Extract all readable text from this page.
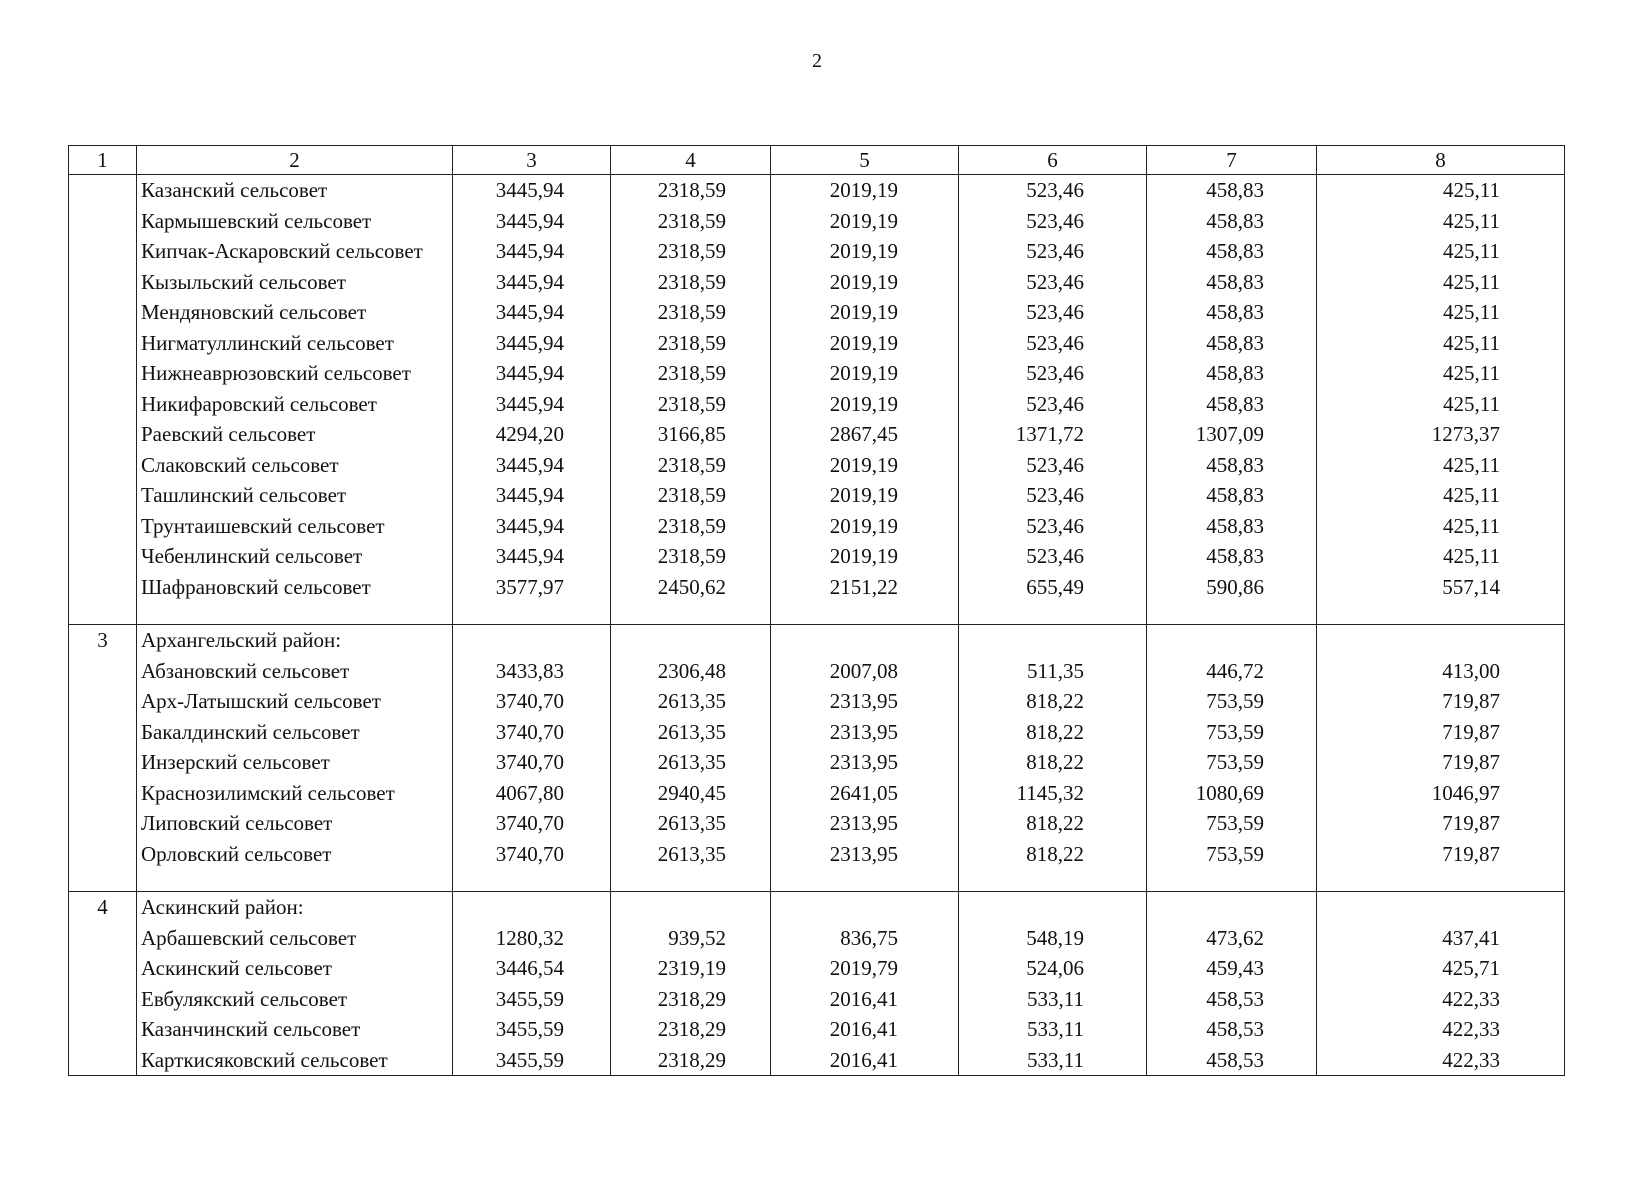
2
1	2	3	4	5	6	7	8
	Казанский сельсовет	3445,94	2318,59	2019,19	523,46	458,83	425,11
	Кармышевский сельсовет	3445,94	2318,59	2019,19	523,46	458,83	425,11
	Кипчак-Аскаровский сельсовет	3445,94	2318,59	2019,19	523,46	458,83	425,11
	Кызыльский сельсовет	3445,94	2318,59	2019,19	523,46	458,83	425,11
	Мендяновский сельсовет	3445,94	2318,59	2019,19	523,46	458,83	425,11
	Нигматуллинский сельсовет	3445,94	2318,59	2019,19	523,46	458,83	425,11
	Нижнеаврюзовский сельсовет	3445,94	2318,59	2019,19	523,46	458,83	425,11
	Никифаровский сельсовет	3445,94	2318,59	2019,19	523,46	458,83	425,11
	Раевский сельсовет	4294,20	3166,85	2867,45	1371,72	1307,09	1273,37
	Слаковский сельсовет	3445,94	2318,59	2019,19	523,46	458,83	425,11
	Ташлинский сельсовет	3445,94	2318,59	2019,19	523,46	458,83	425,11
	Трунтаишевский сельсовет	3445,94	2318,59	2019,19	523,46	458,83	425,11
	Чебенлинский сельсовет	3445,94	2318,59	2019,19	523,46	458,83	425,11
	Шафрановский сельсовет	3577,97	2450,62	2151,22	655,49	590,86	557,14

3	Архангельский район:						
	Абзановский сельсовет	3433,83	2306,48	2007,08	511,35	446,72	413,00
	Арх-Латышский сельсовет	3740,70	2613,35	2313,95	818,22	753,59	719,87
	Бакалдинский сельсовет	3740,70	2613,35	2313,95	818,22	753,59	719,87
	Инзерский сельсовет	3740,70	2613,35	2313,95	818,22	753,59	719,87
	Краснозилимский сельсовет	4067,80	2940,45	2641,05	1145,32	1080,69	1046,97
	Липовский сельсовет	3740,70	2613,35	2313,95	818,22	753,59	719,87
	Орловский сельсовет	3740,70	2613,35	2313,95	818,22	753,59	719,87

4	Аскинский район:						
	Арбашевский сельсовет	1280,32	939,52	836,75	548,19	473,62	437,41
	Аскинский сельсовет	3446,54	2319,19	2019,79	524,06	459,43	425,71
	Евбулякский сельсовет	3455,59	2318,29	2016,41	533,11	458,53	422,33
	Казанчинский сельсовет	3455,59	2318,29	2016,41	533,11	458,53	422,33
	Карткисяковский сельсовет	3455,59	2318,29	2016,41	533,11	458,53	422,33
